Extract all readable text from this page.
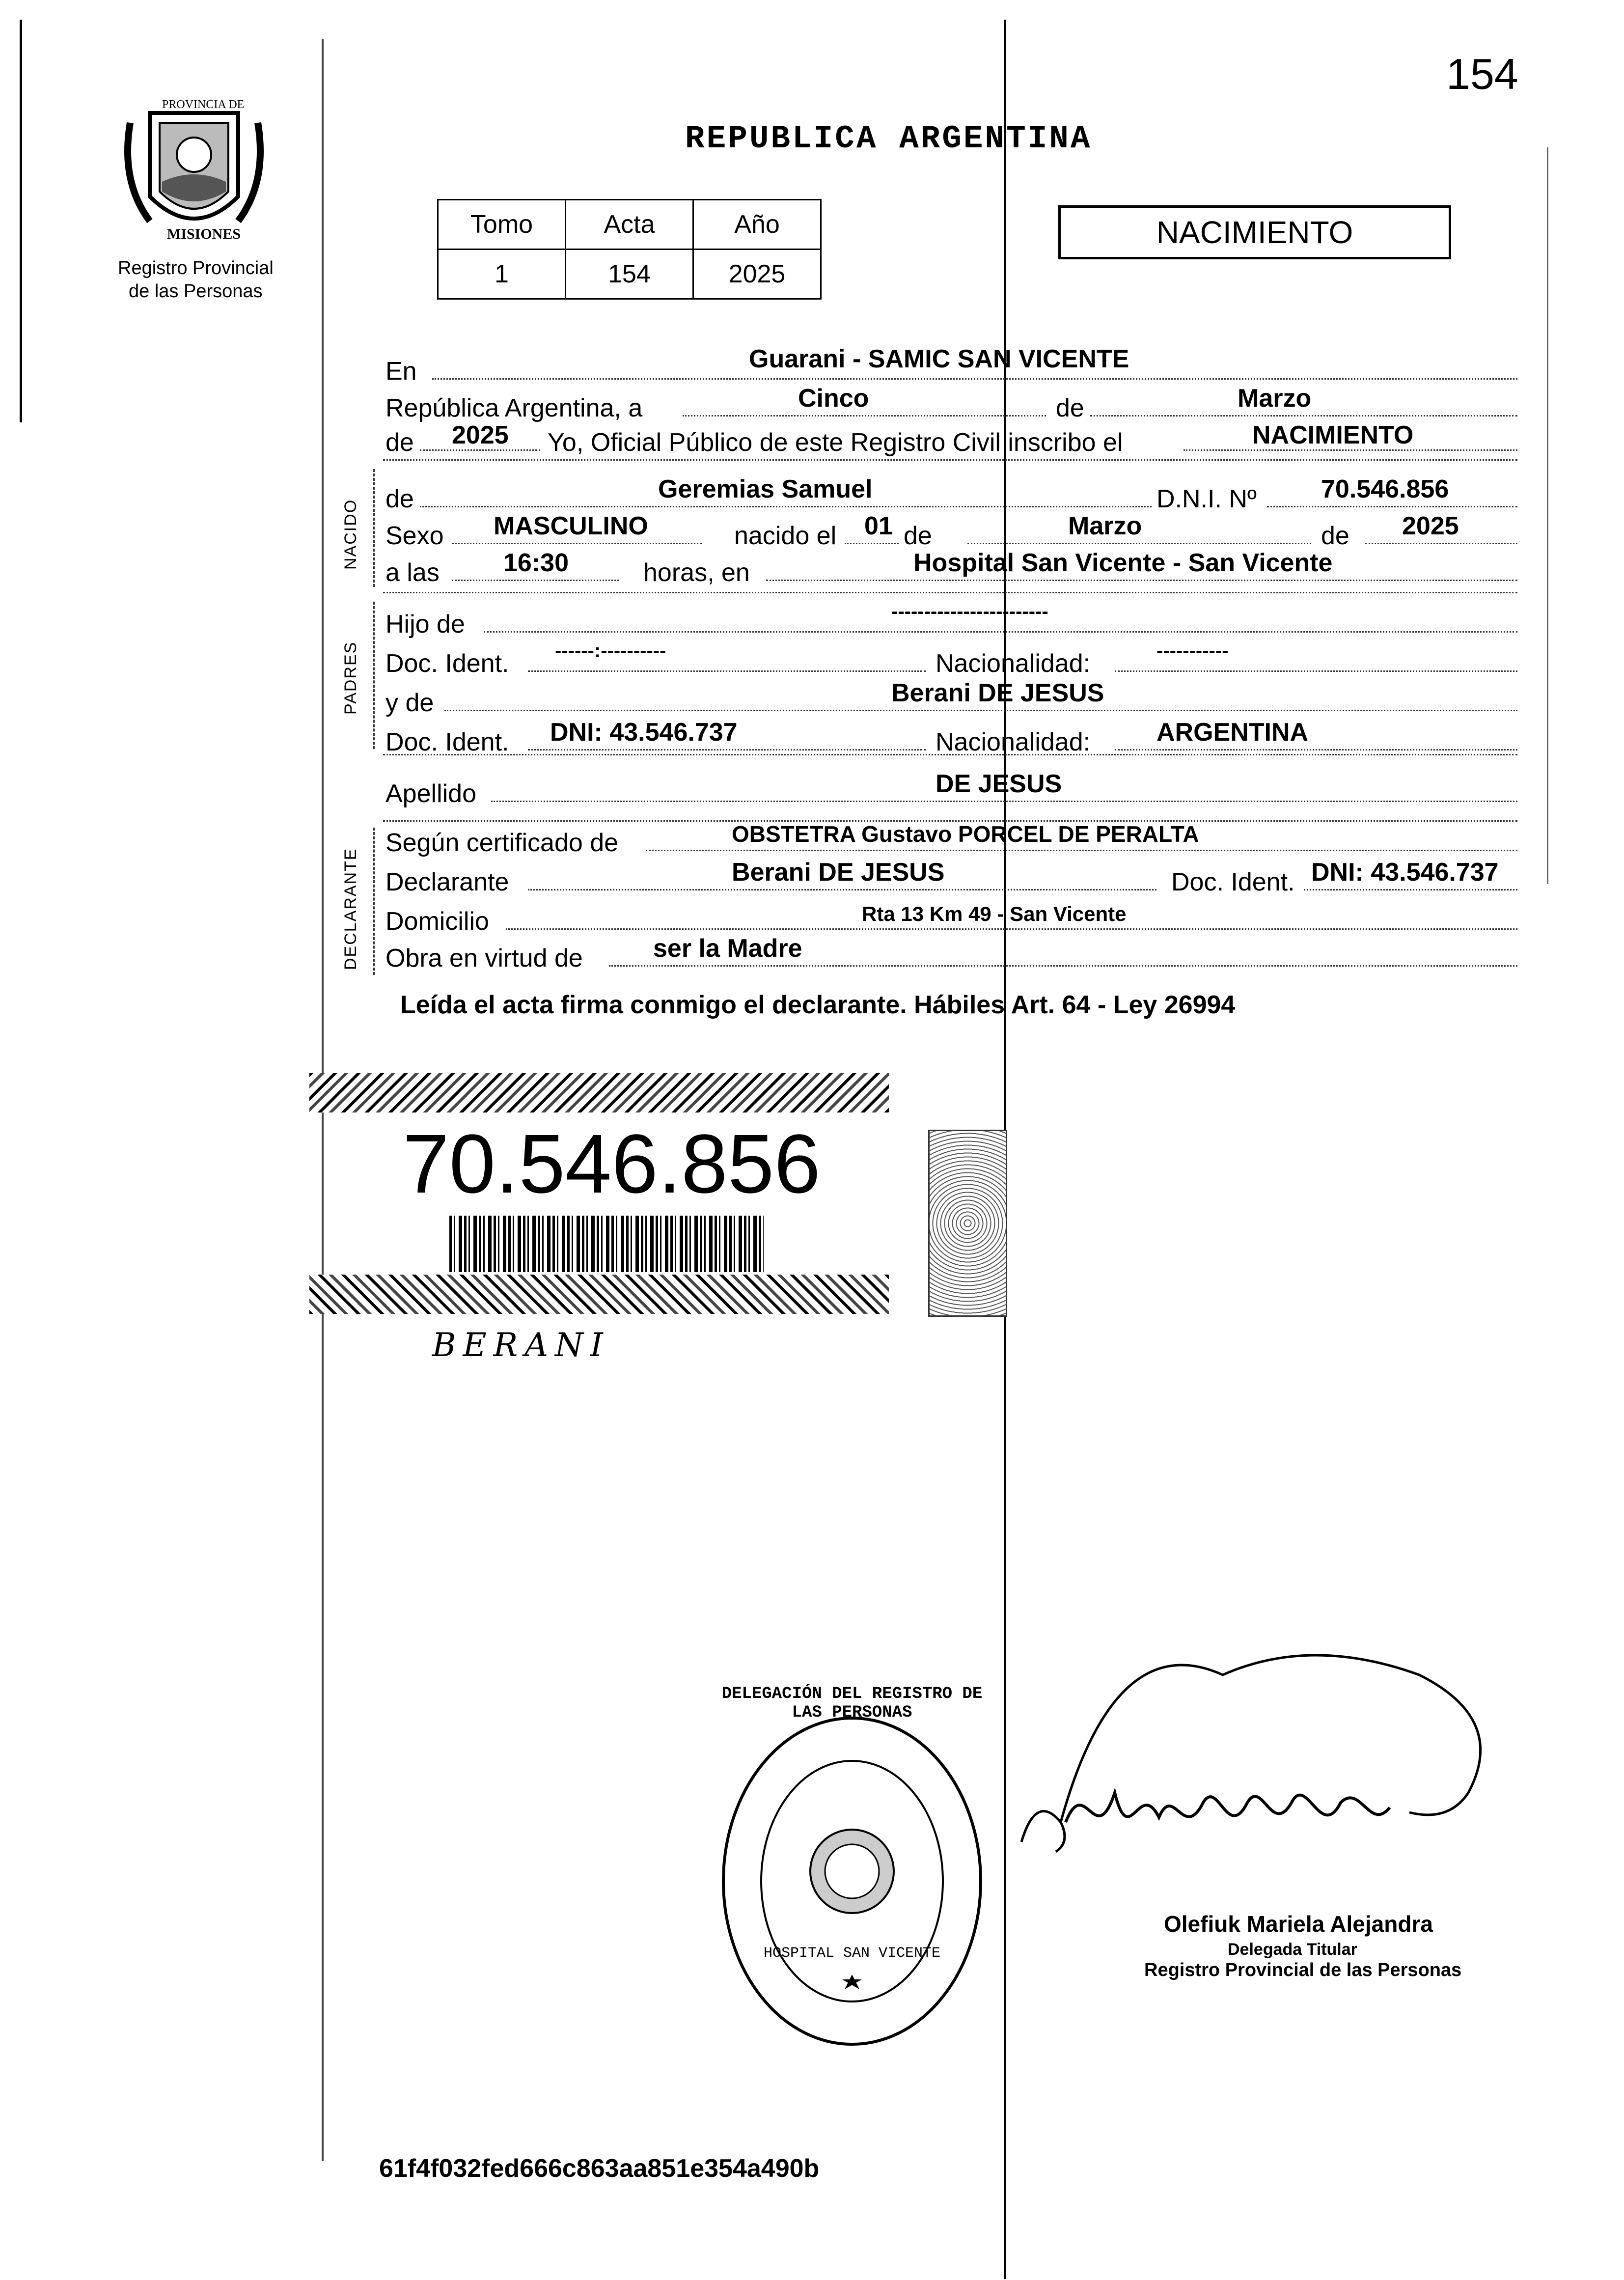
154
PROVINCIA DE
MISIONES
Registro Provincial
de las Personas
REPUBLICA ARGENTINA
Tomo	Acta	Año
1	154	2025
NACIMIENTO
NACIDO
PADRES
DECLARANTE
En	Guarani - SAMIC SAN VICENTE
República Argentina, a	Cinco	de	Marzo
de 2025 Yo, Oficial Público de este Registro Civil inscribo el	NACIMIENTO
de	Geremias Samuel	D.N.I. Nº	70.546.856
Sexo MASCULINO	nacido el 01 de	Marzo	de 2025
a las	16:30	horas, en	Hospital San Vicente - San Vicente
Hijo de	------------------------
Doc. Ident. ------:----------	Nacionalidad:	-----------
y de	Berani DE JESUS
Doc. Ident. DNI: 43.546.737	Nacionalidad:	ARGENTINA
Apellido	DE JESUS
Según certificado de	OBSTETRA Gustavo PORCEL DE PERALTA
Declarante	Berani DE JESUS	Doc. Ident. DNI: 43.546.737
Domicilio	Rta 13 Km 49 - San Vicente
Obra en virtud de	ser la Madre
Leída el acta firma conmigo el declarante. Hábiles Art. 64 - Ley 26994
70.546.856
BERANI
DELEGACIÓN DEL REGISTRO DE LAS PERSONAS
HOSPITAL SAN VICENTE
Olefiuk Mariela Alejandra
Delegada Titular
Registro Provincial de las Personas
61f4f032fed666c863aa851e354a490b
